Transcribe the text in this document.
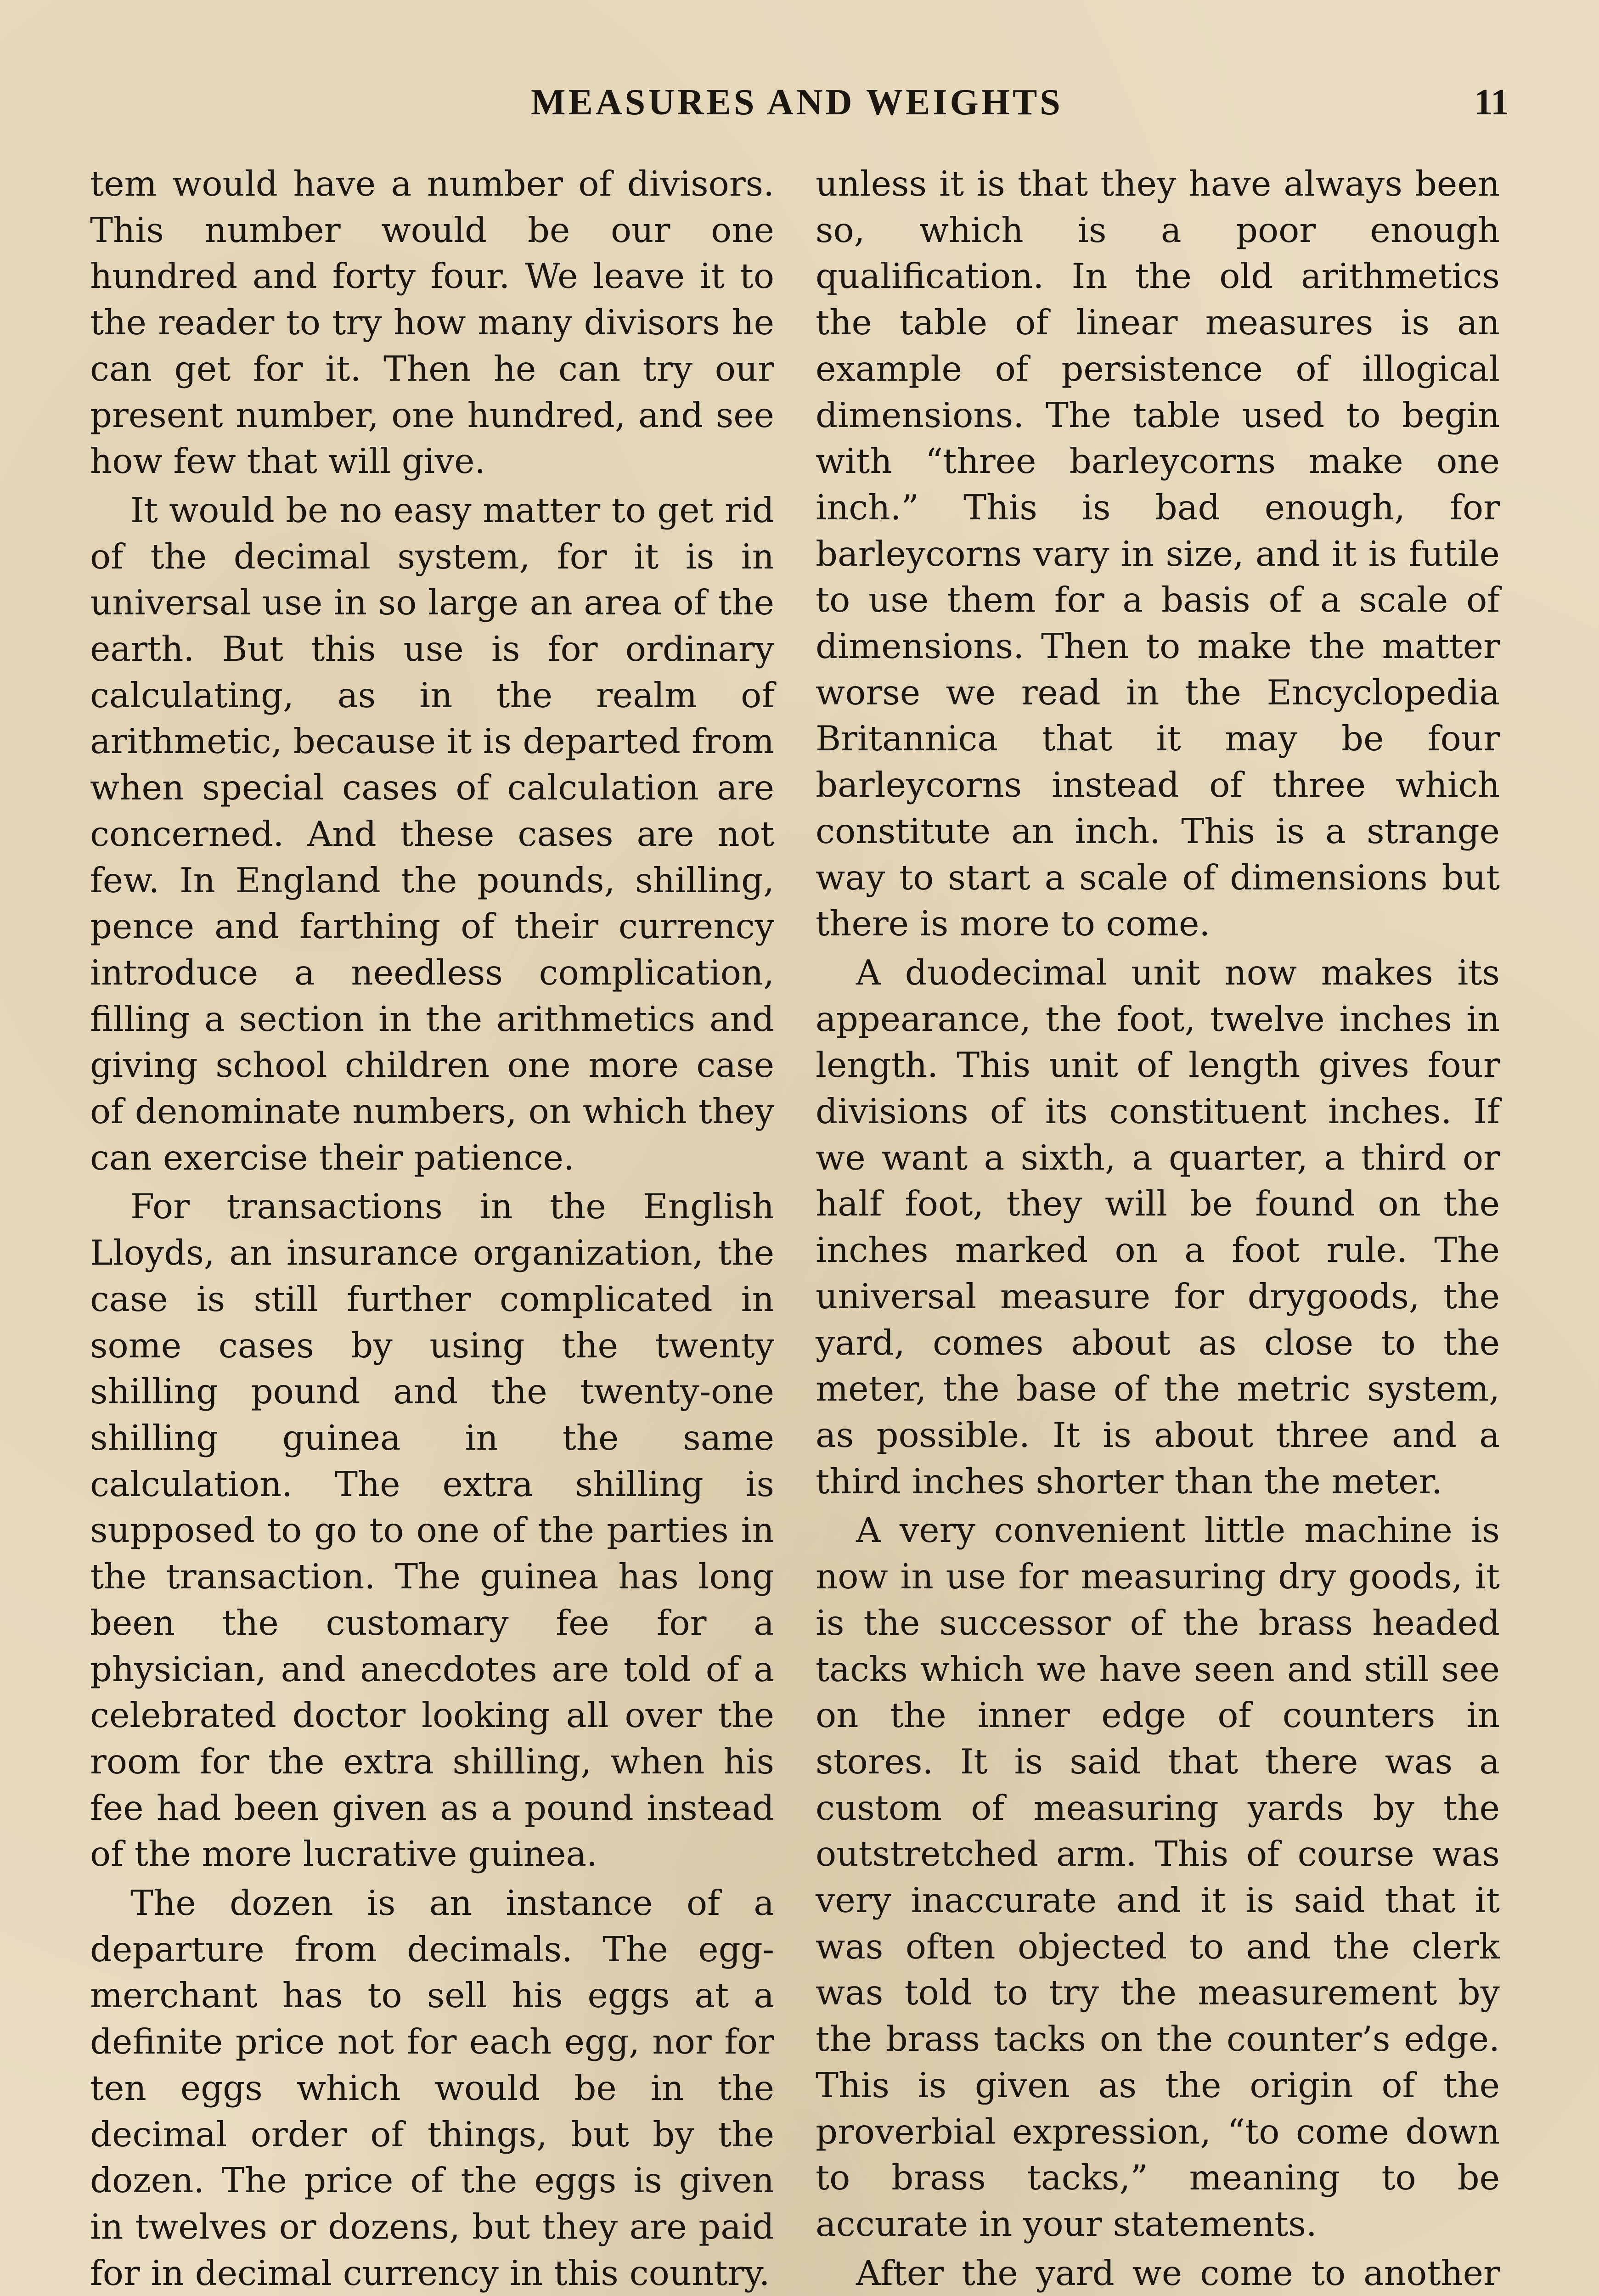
MEASURES AND WEIGHTS	11

tem would have a number of divisors. This number would be our one hundred and forty four. We leave it to the reader to try how many divisors he can get for it. Then he can try our present number, one hundred, and see how few that will give.

It would be no easy matter to get rid of the decimal system, for it is in universal use in so large an area of the earth. But this use is for ordinary calculating, as in the realm of arithmetic, because it is departed from when special cases of calculation are concerned. And these cases are not few. In England the pounds, shilling, pence and farthing of their currency introduce a needless complication, filling a section in the arithmetics and giving school children one more case of denominate numbers, on which they can exercise their patience.

For transactions in the English Lloyds, an insurance organization, the case is still further complicated in some cases by using the twenty shilling pound and the twenty-one shilling guinea in the same calculation. The extra shilling is supposed to go to one of the parties in the transaction. The guinea has long been the customary fee for a physician, and anecdotes are told of a celebrated doctor looking all over the room for the extra shilling, when his fee had been given as a pound instead of the more lucrative guinea.

The dozen is an instance of a departure from decimals. The egg-merchant has to sell his eggs at a definite price not for each egg, nor for ten eggs which would be in the decimal order of things, but by the dozen. The price of the eggs is given in twelves or dozens, but they are paid for in decimal currency in this country.

unless it is that they have always been so, which is a poor enough qualification. In the old arithmetics the table of linear measures is an example of persistence of illogical dimensions. The table used to begin with “three barleycorns make one inch.” This is bad enough, for barleycorns vary in size, and it is futile to use them for a basis of a scale of dimensions. Then to make the matter worse we read in the Encyclopedia Britannica that it may be four barleycorns instead of three which constitute an inch. This is a strange way to start a scale of dimensions but there is more to come.

A duodecimal unit now makes its appearance, the foot, twelve inches in length. This unit of length gives four divisions of its constituent inches. If we want a sixth, a quarter, a third or half foot, they will be found on the inches marked on a foot rule. The universal measure for drygoods, the yard, comes about as close to the meter, the base of the metric system, as possible. It is about three and a third inches shorter than the meter.

A very convenient little machine is now in use for measuring dry goods, it is the successor of the brass headed tacks which we have seen and still see on the inner edge of counters in stores. It is said that there was a custom of measuring yards by the outstretched arm. This of course was very inaccurate and it is said that it was often objected to and the clerk was told to try the measurement by the brass tacks on the counter’s edge. This is given as the origin of the proverbial expression, “to come down to brass tacks,” meaning to be accurate in your statements.

After the yard we come to another
